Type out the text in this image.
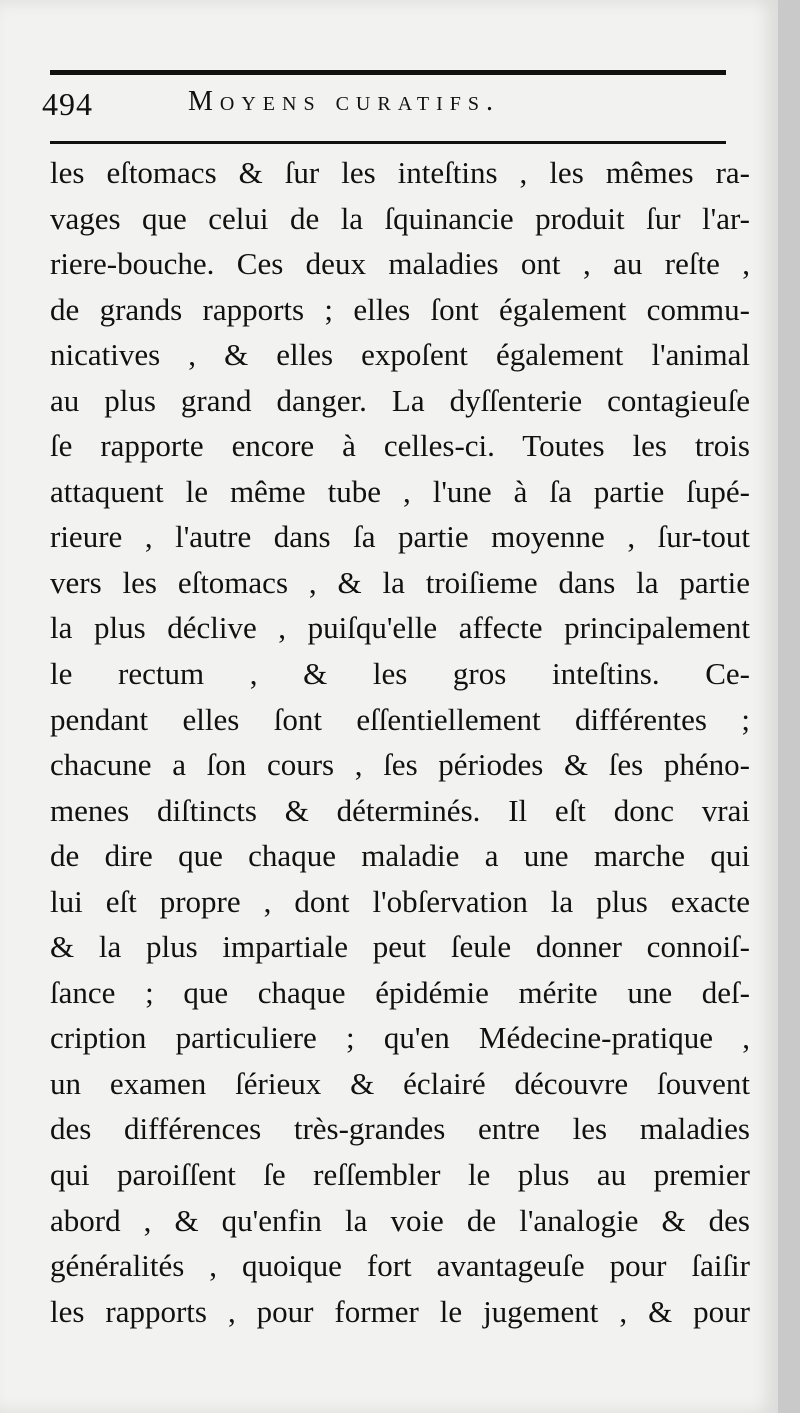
494	Moyens curatifs.
les eſtomacs & ſur les inteſtins , les mêmes ra-
vages que celui de la ſquinancie produit ſur l'ar-
riere-bouche. Ces deux maladies ont , au reſte ,
de grands rapports ; elles ſont également commu-
nicatives , & elles expoſent également l'animal
au plus grand danger. La dyſſenterie contagieuſe
ſe rapporte encore à celles-ci. Toutes les trois
attaquent le même tube , l'une à ſa partie ſupé-
rieure , l'autre dans ſa partie moyenne , ſur-tout
vers les eſtomacs , & la troiſieme dans la partie
la plus déclive , puiſqu'elle affecte principalement
le rectum , & les gros inteſtins. Ce-
pendant elles ſont eſſentiellement différentes ;
chacune a ſon cours , ſes périodes & ſes phéno-
menes diſtincts & déterminés. Il eſt donc vrai
de dire que chaque maladie a une marche qui
lui eſt propre , dont l'obſervation la plus exacte
& la plus impartiale peut ſeule donner connoiſ-
ſance ; que chaque épidémie mérite une deſ-
cription particuliere ; qu'en Médecine-pratique ,
un examen ſérieux & éclairé découvre ſouvent
des différences très-grandes entre les maladies
qui paroiſſent ſe reſſembler le plus au premier
abord , & qu'enfin la voie de l'analogie & des
généralités , quoique fort avantageuſe pour ſaiſir
les rapports , pour former le jugement , & pour
